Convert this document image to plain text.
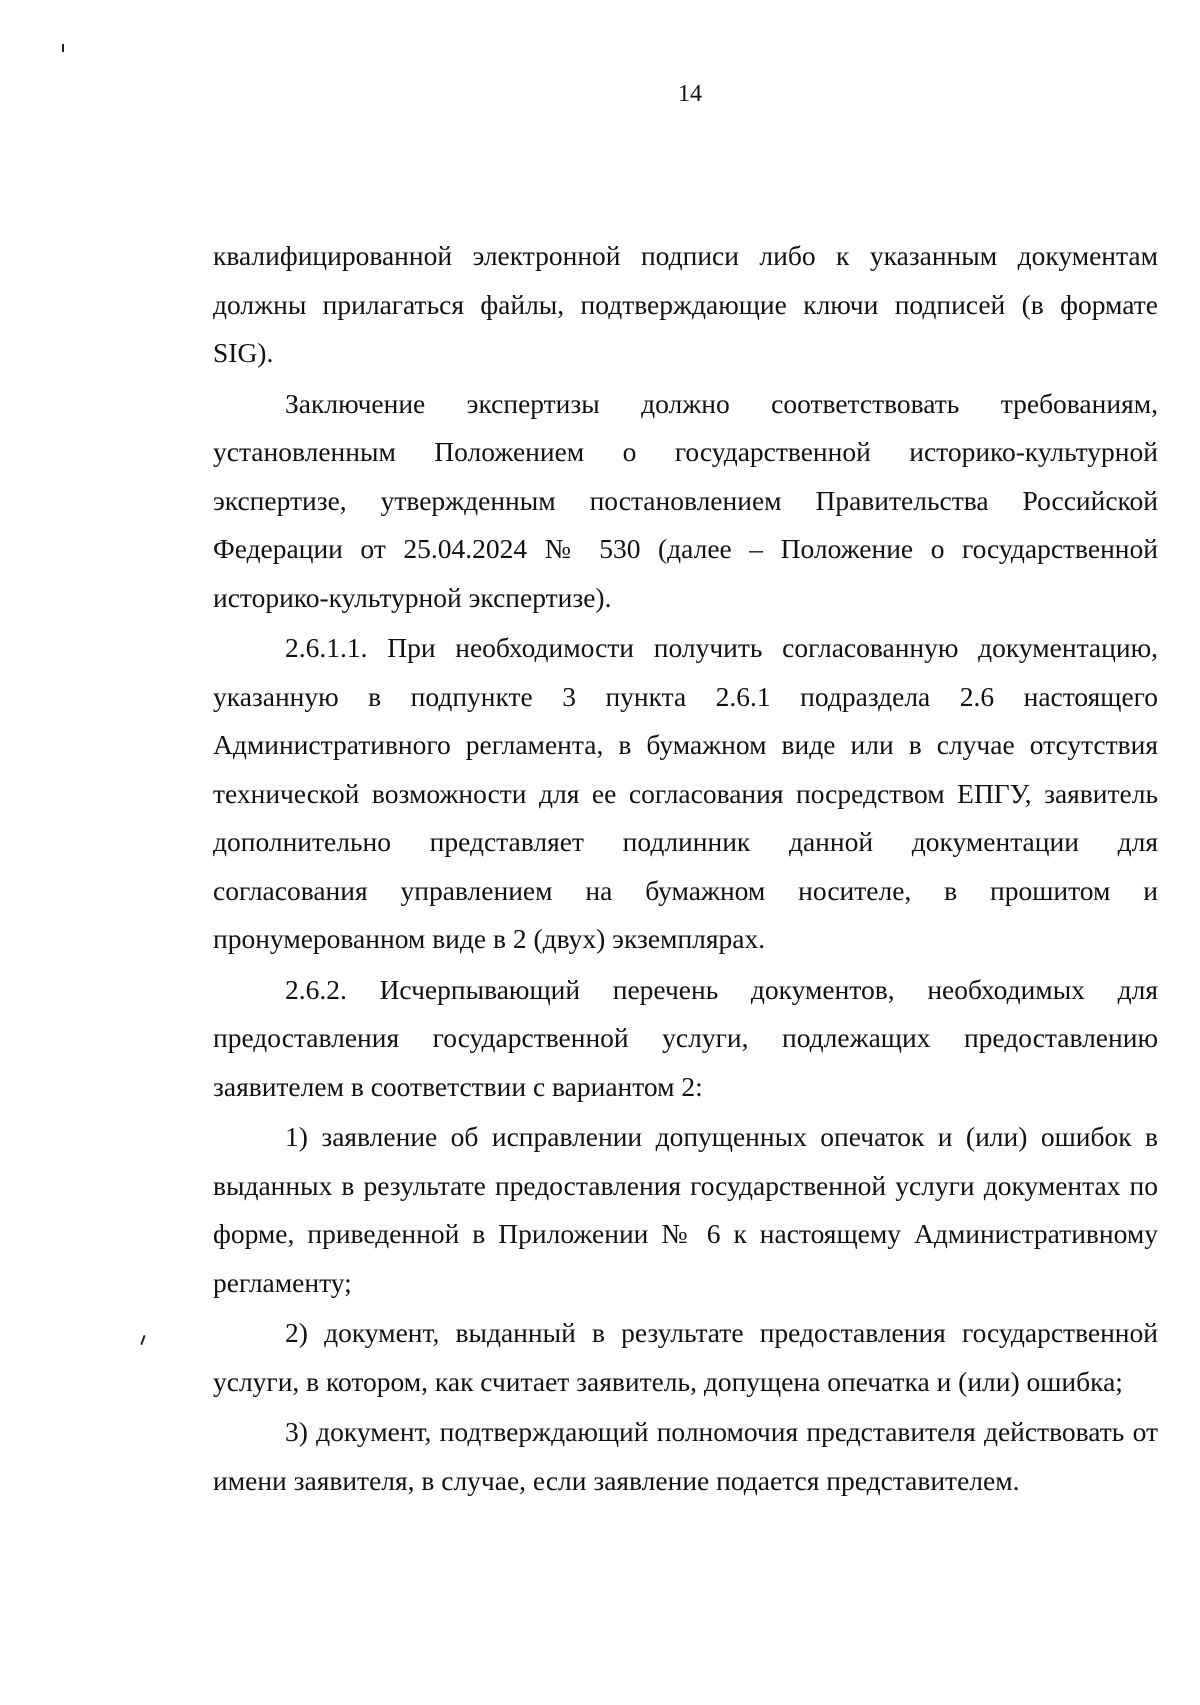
14

квалифицированной электронной подписи либо к указанным документам должны прилагаться файлы, подтверждающие ключи подписей (в формате SIG).

Заключение экспертизы должно соответствовать требованиям, установленным Положением о государственной историко-культурной экспертизе, утвержденным постановлением Правительства Российской Федерации от 25.04.2024 № 530 (далее – Положение о государственной историко-культурной экспертизе).

2.6.1.1. При необходимости получить согласованную документацию, указанную в подпункте 3 пункта 2.6.1 подраздела 2.6 настоящего Административного регламента, в бумажном виде или в случае отсутствия технической возможности для ее согласования посредством ЕПГУ, заявитель дополнительно представляет подлинник данной документации для согласования управлением на бумажном носителе, в прошитом и пронумерованном виде в 2 (двух) экземплярах.

2.6.2. Исчерпывающий перечень документов, необходимых для предоставления государственной услуги, подлежащих предоставлению заявителем в соответствии с вариантом 2:

1) заявление об исправлении допущенных опечаток и (или) ошибок в выданных в результате предоставления государственной услуги документах по форме, приведенной в Приложении № 6 к настоящему Административному регламенту;

2) документ, выданный в результате предоставления государственной услуги, в котором, как считает заявитель, допущена опечатка и (или) ошибка;

3) документ, подтверждающий полномочия представителя действовать от имени заявителя, в случае, если заявление подается представителем.
